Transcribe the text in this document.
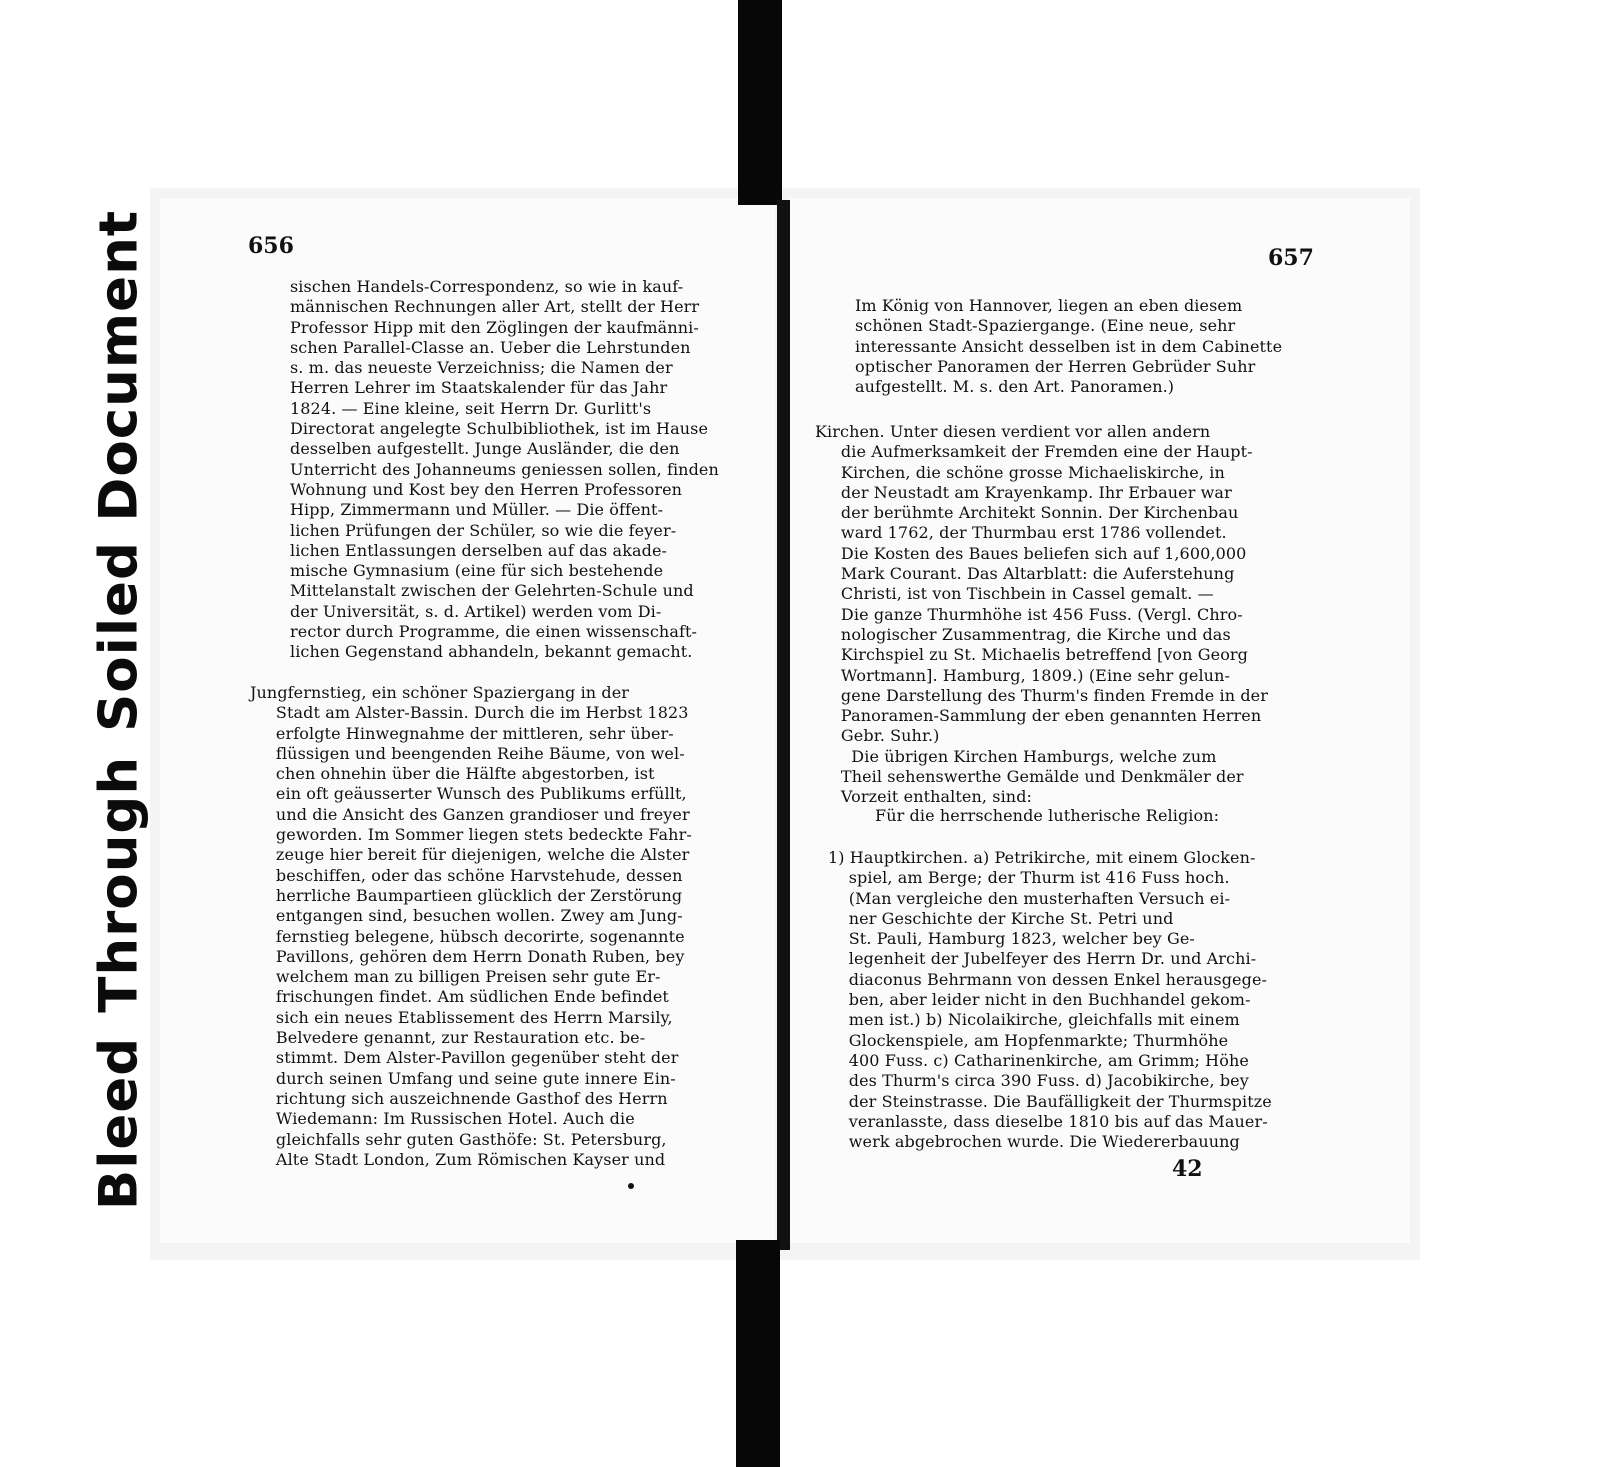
BleedThroughSoiled Document	656	657
sischen Handels-Correspondenz, so wie in kauf-
männischen Rechnungen aller Art, stellt der Herr
Professor Hipp mit den Zöglingen der kaufmänni-
schen Parallel-Classe an. Ueber die Lehrstunden
s. m. das neueste Verzeichniss; die Namen der
Herren Lehrer im Staatskalender für das Jahr
1824. — Eine kleine, seit Herrn Dr. Gurlitt's
Directorat angelegte Schulbibliothek, ist im Hause
desselben aufgestellt. Junge Ausländer, die den
Unterricht des Johanneums geniessen sollen, finden
Wohnung und Kost bey den Herren Professoren
Hipp, Zimmermann und Müller. — Die öffent-
lichen Prüfungen der Schüler, so wie die feyer-
lichen Entlassungen derselben auf das akade-
mische Gymnasium (eine für sich bestehende
Mittelanstalt zwischen der Gelehrten-Schule und
der Universität, s. d. Artikel) werden vom Di-
rector durch Programme, die einen wissenschaft-
lichen Gegenstand abhandeln, bekannt gemacht.
Jungfernstieg, ein schöner Spaziergang in der
Stadt am Alster-Bassin. Durch die im Herbst 1823
erfolgte Hinwegnahme der mittleren, sehr über-
flüssigen und beengenden Reihe Bäume, von wel-
chen ohnehin über die Hälfte abgestorben, ist
ein oft geäusserter Wunsch des Publikums erfüllt,
und die Ansicht des Ganzen grandioser und freyer
geworden. Im Sommer liegen stets bedeckte Fahr-
zeuge hier bereit für diejenigen, welche die Alster
beschiffen, oder das schöne Harvstehude, dessen
herrliche Baumpartieen glücklich der Zerstörung
entgangen sind, besuchen wollen. Zwey am Jung-
fernstieg belegene, hübsch decorirte, sogenannte
Pavillons, gehören dem Herrn Donath Ruben, bey
welchem man zu billigen Preisen sehr gute Er-
frischungen findet. Am südlichen Ende befindet
sich ein neues Etablissement des Herrn Marsily,
Belvedere genannt, zur Restauration etc. be-
stimmt. Dem Alster-Pavillon gegenüber steht der
durch seinen Umfang und seine gute innere Ein-
richtung sich auszeichnende Gasthof des Herrn
Wiedemann: Im Russischen Hotel. Auch die
gleichfalls sehr guten Gasthöfe: St. Petersburg,
Alte Stadt London, Zum Römischen Kayser und
Im König von Hannover, liegen an eben diesem
schönen Stadt-Spaziergange. (Eine neue, sehr
interessante Ansicht desselben ist in dem Cabinette
optischer Panoramen der Herren Gebrüder Suhr
aufgestellt. M. s. den Art. Panoramen.)
Kirchen. Unter diesen verdient vor allen andern
die Aufmerksamkeit der Fremden eine der Haupt-
Kirchen, die schöne grosse Michaeliskirche, in
der Neustadt am Krayenkamp. Ihr Erbauer war
der berühmte Architekt Sonnin. Der Kirchenbau
ward 1762, der Thurmbau erst 1786 vollendet.
Die Kosten des Baues beliefen sich auf 1,600,000
Mark Courant. Das Altarblatt: die Auferstehung
Christi, ist von Tischbein in Cassel gemalt. —
Die ganze Thurmhöhe ist 456 Fuss. (Vergl. Chro-
nologischer Zusammentrag, die Kirche und das
Kirchspiel zu St. Michaelis betreffend [von Georg
Wortmann]. Hamburg, 1809.) (Eine sehr gelun-
gene Darstellung des Thurm's finden Fremde in der
Panoramen-Sammlung der eben genannten Herren
Gebr. Suhr.)
Die übrigen Kirchen Hamburgs, welche zum
Theil sehenswerthe Gemälde und Denkmäler der
Vorzeit enthalten, sind:
Für die herrschende lutherische Religion:
1) Hauptkirchen. a) Petrikirche, mit einem Glocken-
spiel, am Berge; der Thurm ist 416 Fuss hoch.
(Man vergleiche den musterhaften Versuch ei-
ner Geschichte der Kirche St. Petri und
St. Pauli, Hamburg 1823, welcher bey Ge-
legenheit der Jubelfeyer des Herrn Dr. und Archi-
diaconus Behrmann von dessen Enkel herausgege-
ben, aber leider nicht in den Buchhandel gekom-
men ist.) b) Nicolaikirche, gleichfalls mit einem
Glockenspiele, am Hopfenmarkte; Thurmhöhe
400 Fuss. c) Catharinenkirche, am Grimm; Höhe
des Thurm's circa 390 Fuss. d) Jacobikirche, bey
der Steinstrasse. Die Baufälligkeit der Thurmspitze
veranlasste, dass dieselbe 1810 bis auf das Mauer-
werk abgebrochen wurde. Die Wiedererbauung
42
